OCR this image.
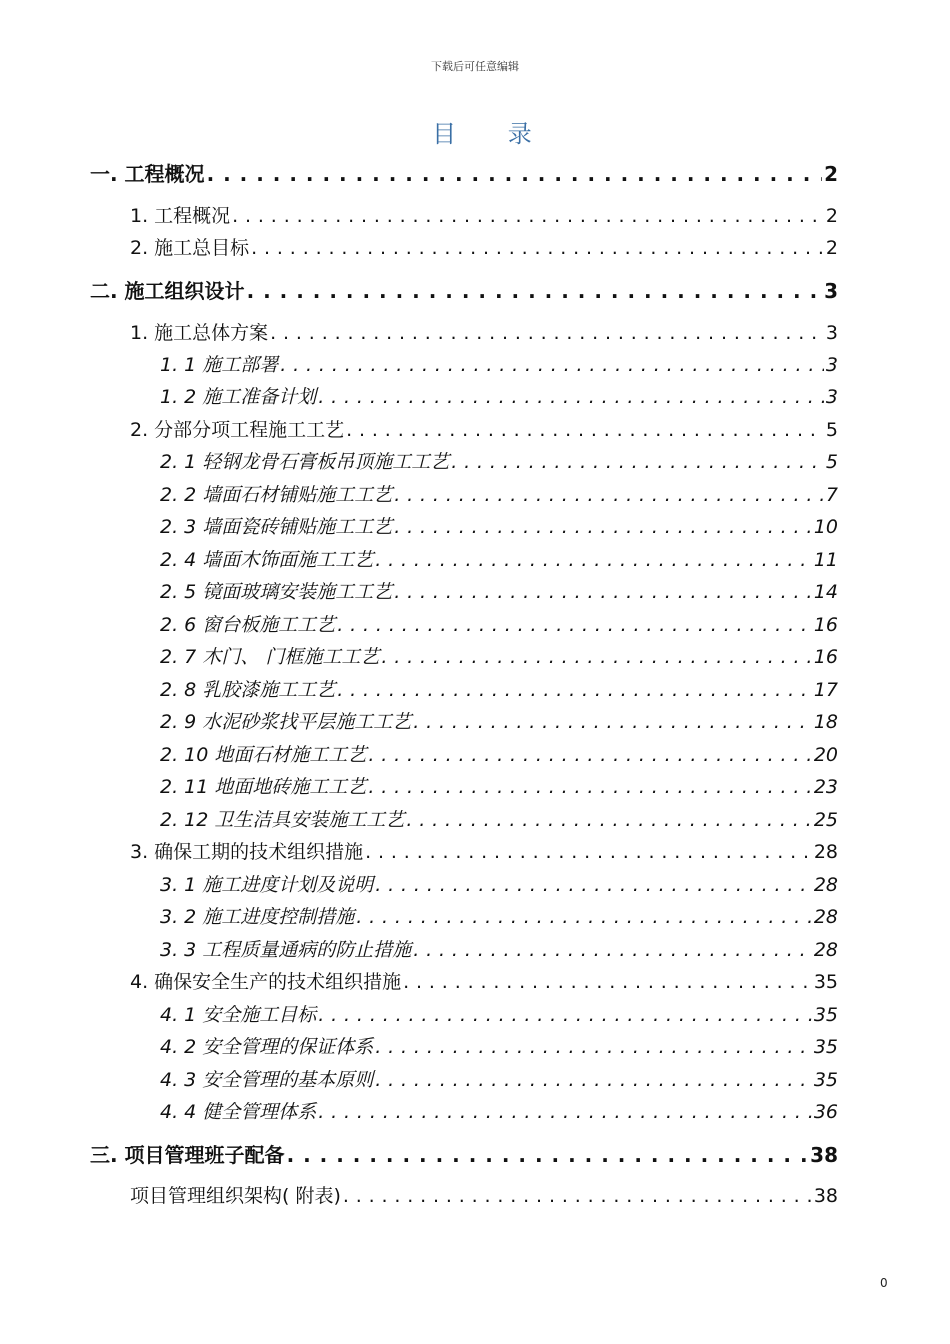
下载后可任意编辑
目 录
一. 工程概况 . . .	2
1. 工程概况 . . .	2
2. 施工总目标 . . .	2
二. 施工组织设计 . . .	3
1. 施工总体方案 . . .	3
1. 1 施工部署 . . .	3
1. 2 施工准备计划 . . .	3
2. 分部分项工程施工工艺 . . .	5
2. 1 轻钢龙骨石膏板吊顶施工工艺 . . .	5
2. 2 墙面石材铺贴施工工艺 . . .	7
2. 3 墙面瓷砖铺贴施工工艺 . . .	10
2. 4 墙面木饰面施工工艺 . . .	11
2. 5 镜面玻璃安装施工工艺 . . .	14
2. 6 窗台板施工工艺 . . .	16
2. 7 木门、 门框施工工艺 . . .	16
2. 8 乳胶漆施工工艺 . . .	17
2. 9 水泥砂浆找平层施工工艺 . . .	18
2. 10 地面石材施工工艺 . . .	20
2. 11 地面地砖施工工艺 . . .	23
2. 12 卫生洁具安装施工工艺 . . .	25
3. 确保工期的技术组织措施 . . .	28
3. 1 施工进度计划及说明 . . .	28
3. 2 施工进度控制措施 . . .	28
3. 3 工程质量通病的防止措施 . . .	28
4. 确保安全生产的技术组织措施 . . .	35
4. 1 安全施工目标 . . .	35
4. 2 安全管理的保证体系 . . .	35
4. 3 安全管理的基本原则 . . .	35
4. 4 健全管理体系 . . .	36
三. 项目管理班子配备 . . .	38
项目管理组织架构( 附表) . . .	38
0
